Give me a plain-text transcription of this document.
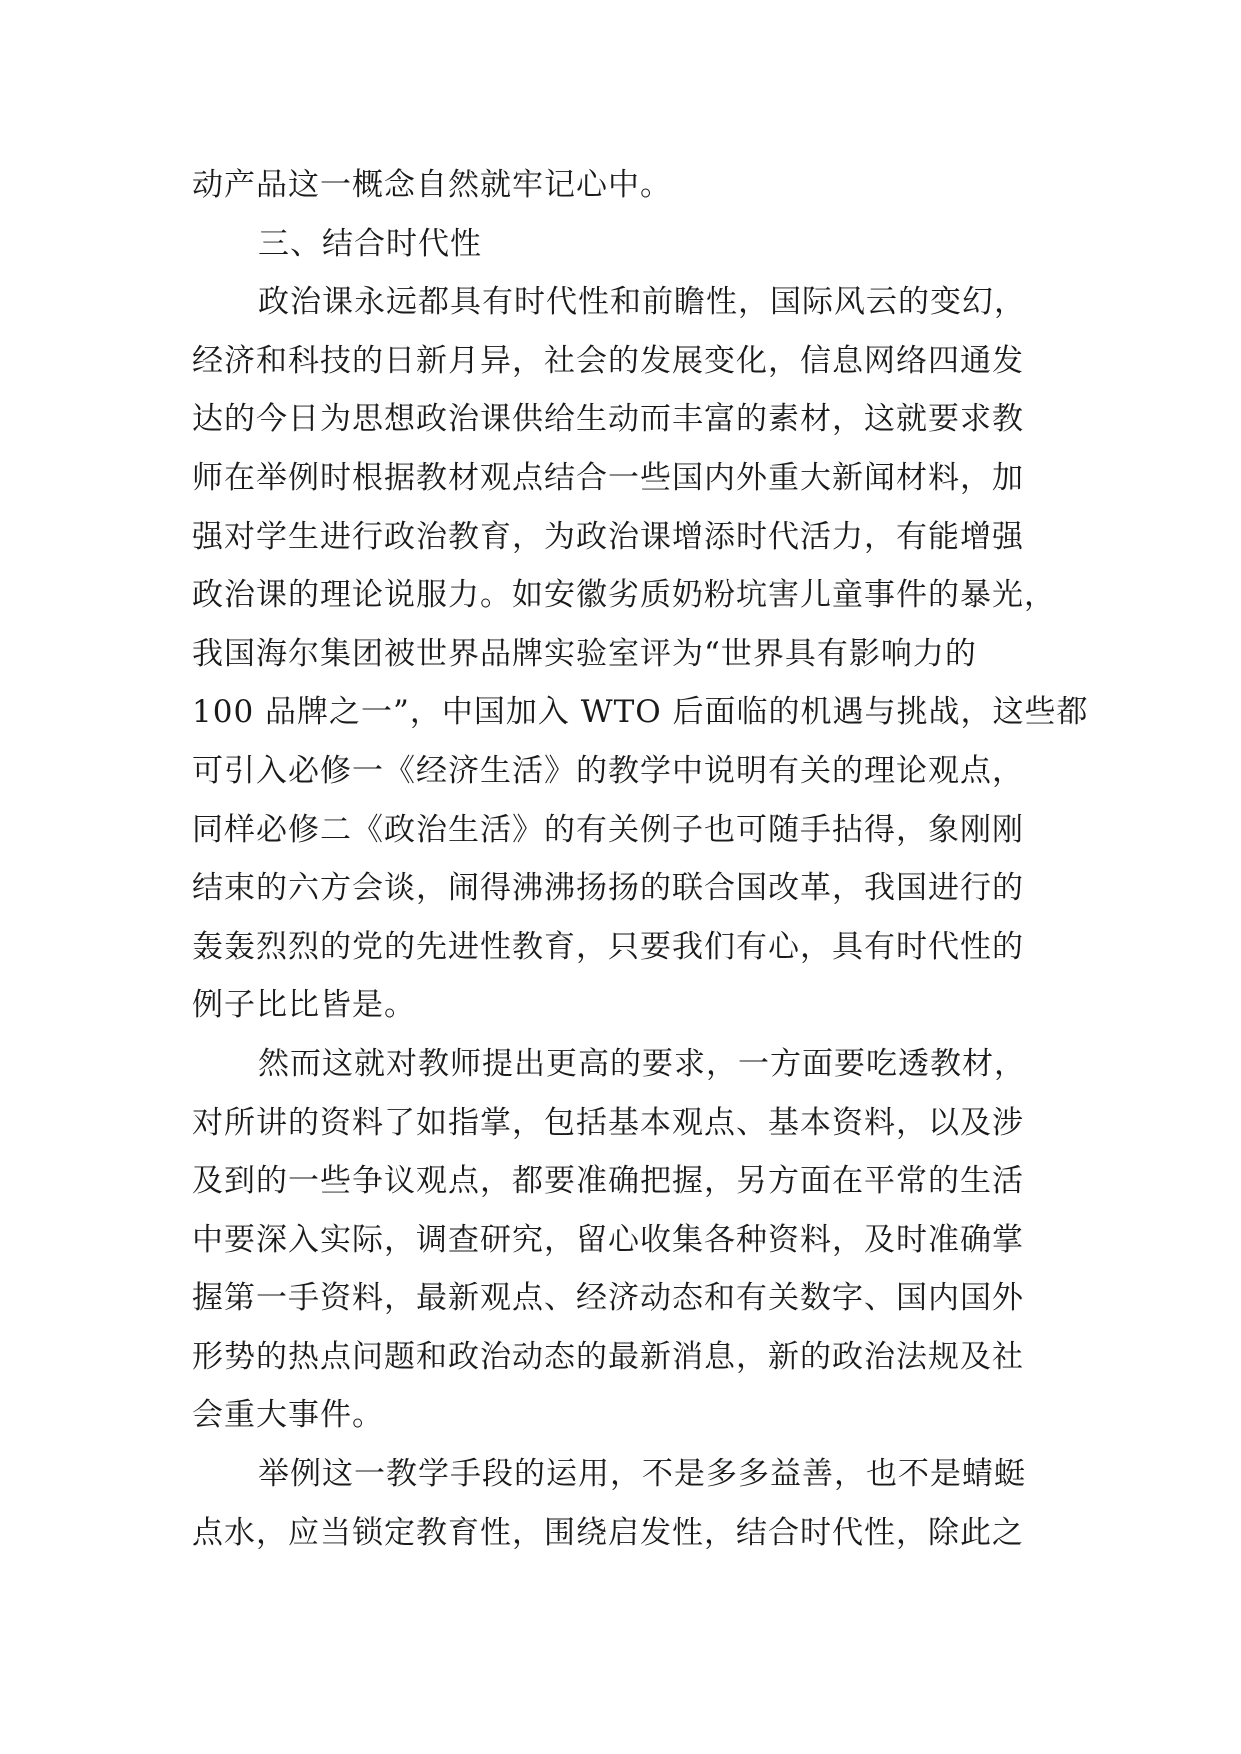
动产品这一概念自然就牢记心中。
三、结合时代性
政治课永远都具有时代性和前瞻性，国际风云的变幻，
经济和科技的日新月异，社会的发展变化，信息网络四通发
达的今日为思想政治课供给生动而丰富的素材，这就要求教
师在举例时根据教材观点结合一些国内外重大新闻材料，加
强对学生进行政治教育，为政治课增添时代活力，有能增强
政治课的理论说服力。如安徽劣质奶粉坑害儿童事件的暴光，
我国海尔集团被世界品牌实验室评为“世界具有影响力的
100 品牌之一”，中国加入 WTO 后面临的机遇与挑战，这些都
可引入必修一《经济生活》的教学中说明有关的理论观点，
同样必修二《政治生活》的有关例子也可随手拈得，象刚刚
结束的六方会谈，闹得沸沸扬扬的联合国改革，我国进行的
轰轰烈烈的党的先进性教育，只要我们有心，具有时代性的
例子比比皆是。
然而这就对教师提出更高的要求，一方面要吃透教材，
对所讲的资料了如指掌，包括基本观点、基本资料，以及涉
及到的一些争议观点，都要准确把握，另方面在平常的生活
中要深入实际，调查研究，留心收集各种资料，及时准确掌
握第一手资料，最新观点、经济动态和有关数字、国内国外
形势的热点问题和政治动态的最新消息，新的政治法规及社
会重大事件。
举例这一教学手段的运用，不是多多益善，也不是蜻蜓
点水，应当锁定教育性，围绕启发性，结合时代性，除此之
